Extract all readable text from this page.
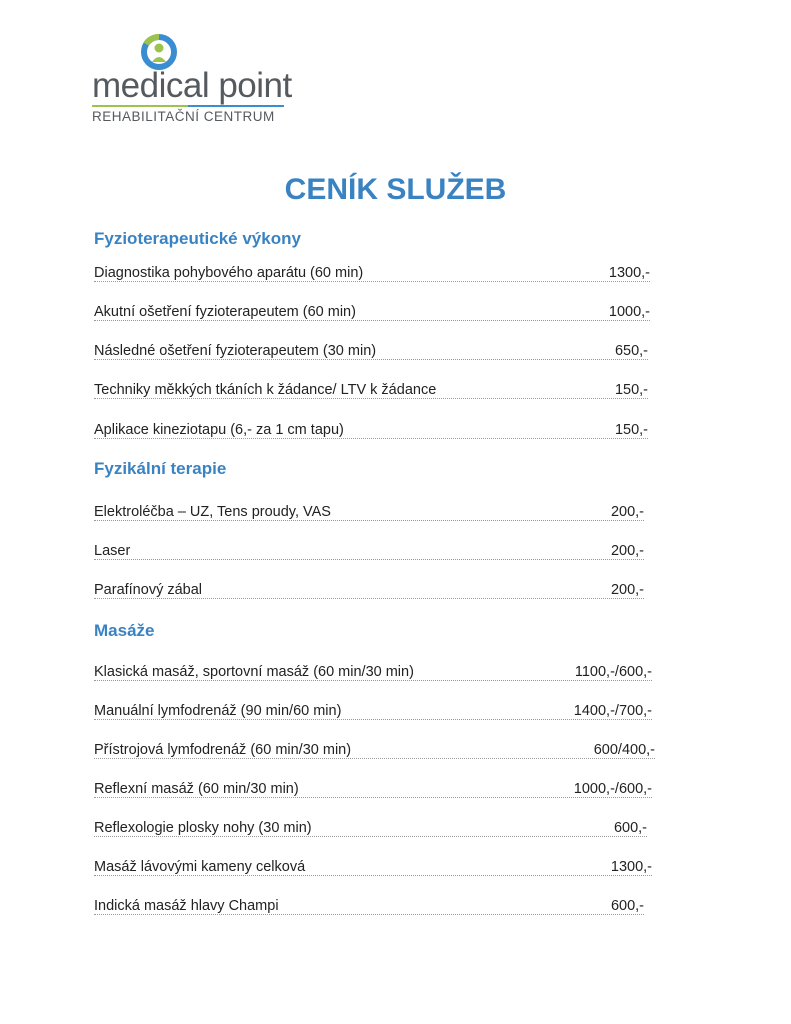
medical point
REHABILITAČNÍ CENTRUM
CENÍK SLUŽEB
Fyzioterapeutické výkony
Diagnostika pohybového aparátu (60 min)	1300,-
Akutní ošetření fyzioterapeutem (60 min)	1000,-
Následné ošetření fyzioterapeutem (30 min)	650,-
Techniky měkkých tkáních k žádance/ LTV k žádance	150,-
Aplikace kineziotapu (6,- za 1 cm tapu)	150,-
Fyzikální terapie
Elektroléčba – UZ, Tens proudy, VAS	200,-
Laser	200,-
Parafínový zábal	200,-
Masáže
Klasická masáž, sportovní masáž (60 min/30 min)	1100,-/600,-
Manuální lymfodrenáž (90 min/60 min)	1400,-/700,-
Přístrojová lymfodrenáž (60 min/30 min)	600/400,-
Reflexní masáž (60 min/30 min)	1000,-/600,-
Reflexologie plosky nohy (30 min)	600,-
Masáž lávovými kameny celková	1300,-
Indická masáž hlavy Champi	600,-
